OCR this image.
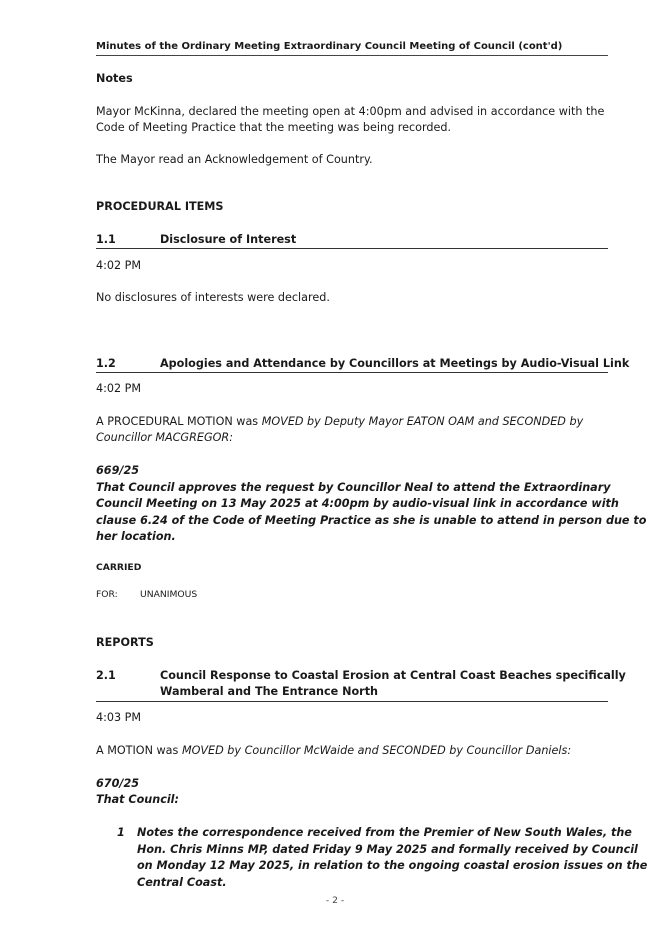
Minutes of the Ordinary Meeting Extraordinary Council Meeting of Council (cont'd)
Notes
Mayor McKinna, declared the meeting open at 4:00pm and advised in accordance with the
Code of Meeting Practice that the meeting was being recorded.
The Mayor read an Acknowledgement of Country.
PROCEDURAL ITEMS
1.1	Disclosure of Interest
4:02 PM
No disclosures of interests were declared.
1.2	Apologies and Attendance by Councillors at Meetings by Audio-Visual Link
4:02 PM
A PROCEDURAL MOTION was MOVED by Deputy Mayor EATON OAM and SECONDED by
Councillor MACGREGOR:
669/25
That Council approves the request by Councillor Neal to attend the Extraordinary
Council Meeting on 13 May 2025 at 4:00pm by audio-visual link in accordance with
clause 6.24 of the Code of Meeting Practice as she is unable to attend in person due to
her location.
CARRIED
FOR: UNANIMOUS
REPORTS
2.1	Council Response to Coastal Erosion at Central Coast Beaches specifically
Wamberal and The Entrance North
4:03 PM
A MOTION was MOVED by Councillor McWaide and SECONDED by Councillor Daniels:
670/25
That Council:
1 Notes the correspondence received from the Premier of New South Wales, the
Hon. Chris Minns MP, dated Friday 9 May 2025 and formally received by Council
on Monday 12 May 2025, in relation to the ongoing coastal erosion issues on the
Central Coast.
- 2 -
